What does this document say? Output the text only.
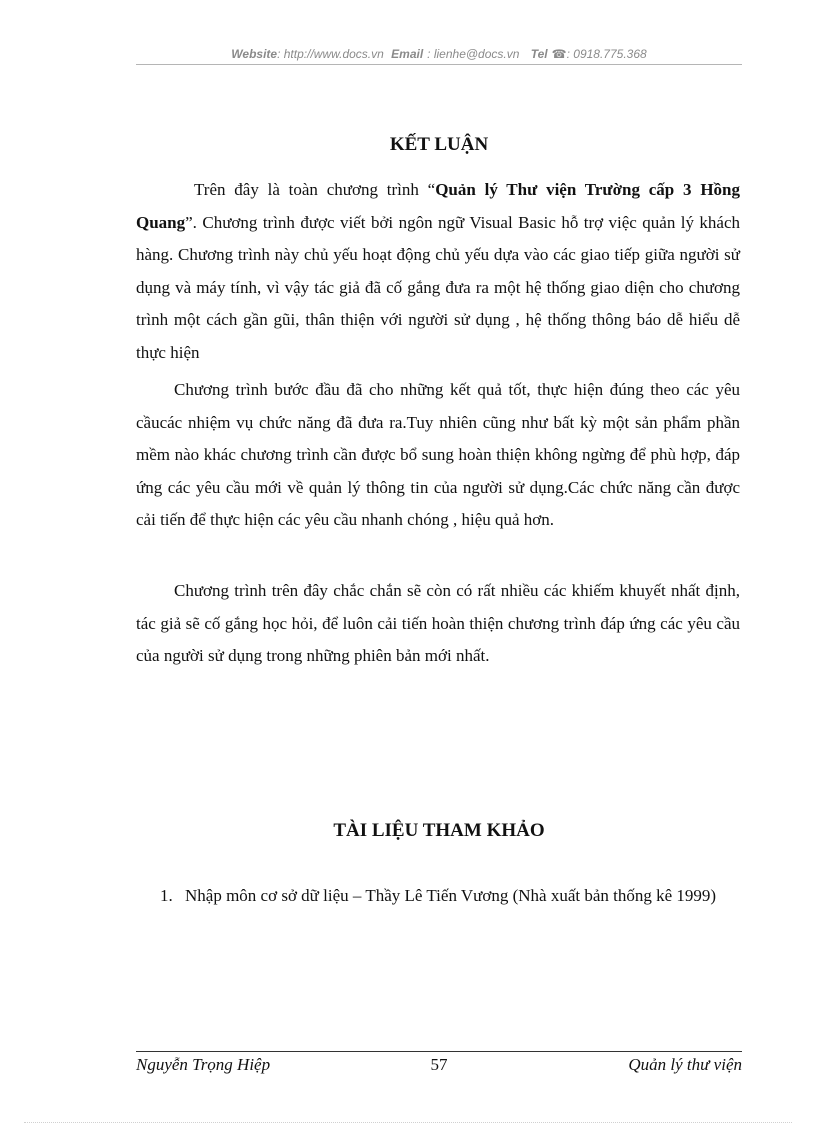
Website: http://www.docs.vn Email : lienhe@docs.vn Tel ☎: 0918.775.368
KẾT LUẬN

Trên đây là toàn chương trình “Quản lý Thư viện Trường cấp 3 Hồng Quang”. Chương trình được viết bởi ngôn ngữ Visual Basic hỗ trợ việc quản lý khách hàng. Chương trình này chủ yếu hoạt động chủ yếu dựa vào các giao tiếp giữa người sử dụng và máy tính, vì vậy tác giả đã cố gắng đưa ra một hệ thống giao diện cho chương trình một cách gần gũi, thân thiện với người sử dụng , hệ thống thông báo dễ hiểu dễ thực hiện

Chương trình bước đầu đã cho những kết quả tốt, thực hiện đúng theo các yêu cầucác nhiệm vụ chức năng đã đưa ra.Tuy nhiên cũng như bất kỳ một sản phẩm phần mềm nào khác chương trình cần được bổ sung hoàn thiện không ngừng để phù hợp, đáp ứng các yêu cầu mới về quản lý thông tin của người sử dụng.Các chức năng cần được cải tiến để thực hiện các yêu cầu nhanh chóng , hiệu quả hơn.

Chương trình trên đây chắc chắn sẽ còn có rất nhiều các khiếm khuyết nhất định, tác giả sẽ cố gắng học hỏi, để luôn cải tiến hoàn thiện chương trình đáp ứng các yêu cầu của người sử dụng trong những phiên bản mới nhất.

TÀI LIỆU THAM KHẢO
1. Nhập môn cơ sở dữ liệu – Thầy Lê Tiến Vương (Nhà xuất bản thống kê 1999)
Nguyễn Trọng Hiệp	57	Quản lý thư viện
